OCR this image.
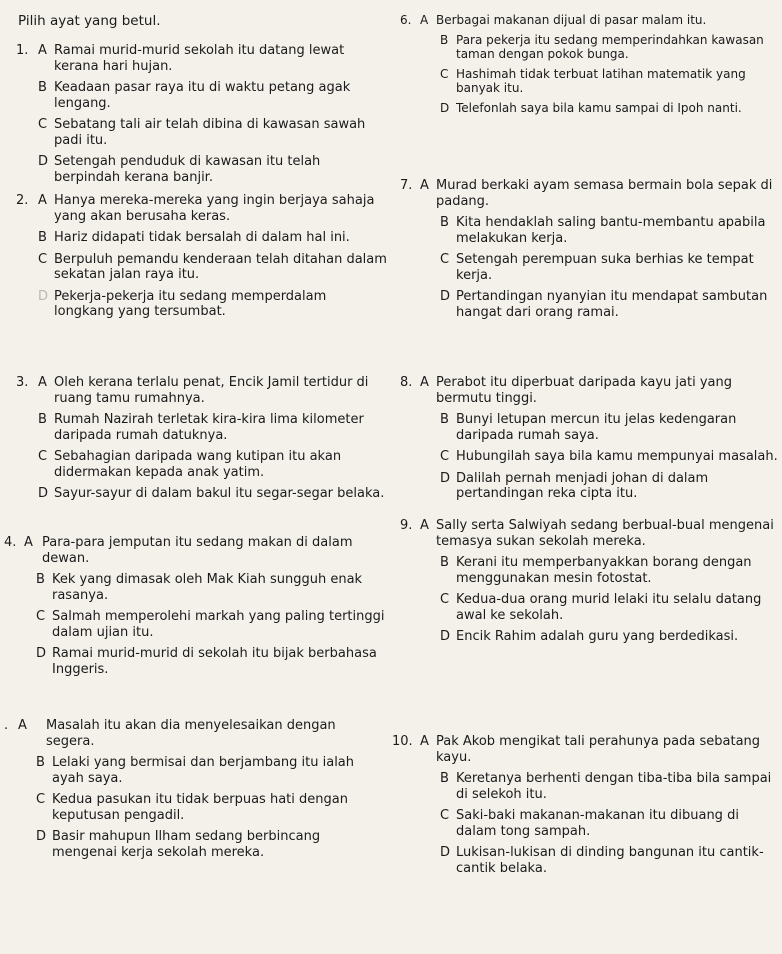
Pilih ayat yang betul.
1. A Ramai murid-murid sekolah itu datang lewat kerana hari hujan.
B Keadaan pasar raya itu di waktu petang agak lengang.
C Sebatang tali air telah dibina di kawasan sawah padi itu.
D Setengah penduduk di kawasan itu telah berpindah kerana banjir.
2. A Hanya mereka-mereka yang ingin berjaya sahaja yang akan berusaha keras.
B Hariz didapati tidak bersalah di dalam hal ini.
C Berpuluh pemandu kenderaan telah ditahan dalam sekatan jalan raya itu.
D Pekerja-pekerja itu sedang memperdalam longkang yang tersumbat.
3. A Oleh kerana terlalu penat, Encik Jamil tertidur di ruang tamu rumahnya.
B Rumah Nazirah terletak kira-kira lima kilometer daripada rumah datuknya.
C Sebahagian daripada wang kutipan itu akan didermakan kepada anak yatim.
D Sayur-sayur di dalam bakul itu segar-segar belaka.
4. A Para-para jemputan itu sedang makan di dalam dewan.
B Kek yang dimasak oleh Mak Kiah sungguh enak rasanya.
C Salmah memperolehi markah yang paling tertinggi dalam ujian itu.
D Ramai murid-murid di sekolah itu bijak berbahasa Inggeris.
. A	Masalah itu akan dia menyelesaikan dengan segera.
B Lelaki yang bermisai dan berjambang itu ialah ayah saya.
C Kedua pasukan itu tidak berpuas hati dengan keputusan pengadil.
D Basir mahupun Ilham sedang berbincang mengenai kerja sekolah mereka.
6. A Berbagai makanan dijual di pasar malam itu.
B Para pekerja itu sedang memperindahkan kawasan taman dengan pokok bunga.
C Hashimah tidak terbuat latihan matematik yang banyak itu.
D Telefonlah saya bila kamu sampai di Ipoh nanti.
7. A Murad berkaki ayam semasa bermain bola sepak di padang.
B Kita hendaklah saling bantu-membantu apabila melakukan kerja.
C Setengah perempuan suka berhias ke tempat kerja.
D Pertandingan nyanyian itu mendapat sambutan hangat dari orang ramai.
8. A Perabot itu diperbuat daripada kayu jati yang bermutu tinggi.
B Bunyi letupan mercun itu jelas kedengaran daripada rumah saya.
C Hubungilah saya bila kamu mempunyai masalah.
D Dalilah pernah menjadi johan di dalam pertandingan reka cipta itu.
9. A Sally serta Salwiyah sedang berbual-bual mengenai temasya sukan sekolah mereka.
B Kerani itu memperbanyakkan borang dengan menggunakan mesin fotostat.
C Kedua-dua orang murid lelaki itu selalu datang awal ke sekolah.
D Encik Rahim adalah guru yang berdedikasi.
10. A Pak Akob mengikat tali perahunya pada sebatang kayu.
B Keretanya berhenti dengan tiba-tiba bila sampai di selekoh itu.
C Saki-baki makanan-makanan itu dibuang di dalam tong sampah.
D Lukisan-lukisan di dinding bangunan itu cantik-cantik belaka.
